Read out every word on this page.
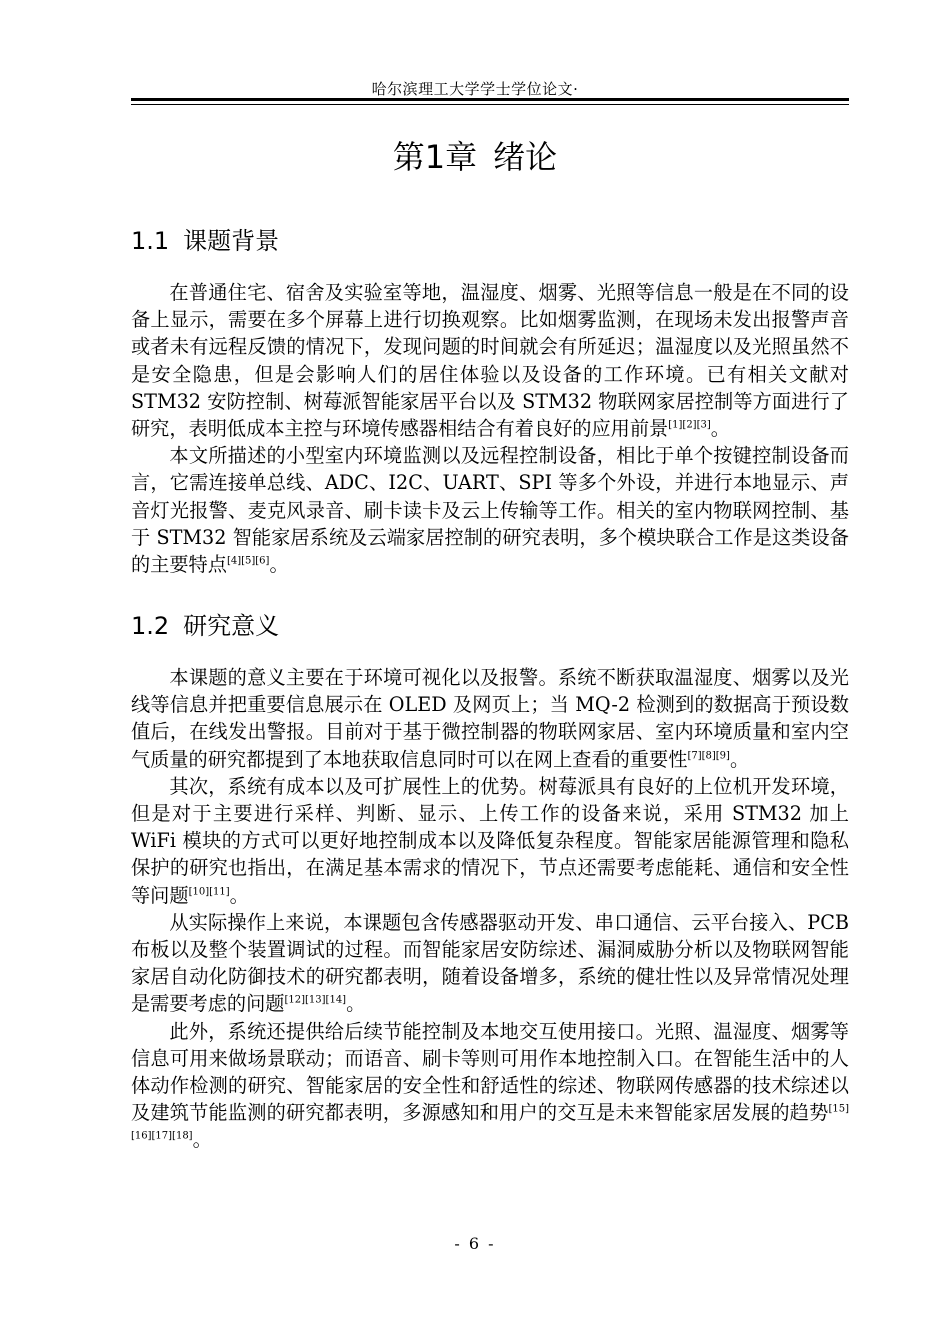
哈尔滨理工大学学士学位论文·
第1章 绪论
1.1 课题背景

在普通住宅、宿舍及实验室等地，温湿度、烟雾、光照等信息一般是在不同的设备上显示，需要在多个屏幕上进行切换观察。比如烟雾监测，在现场未发出报警声音或者未有远程反馈的情况下，发现问题的时间就会有所延迟；温湿度以及光照虽然不是安全隐患，但是会影响人们的居住体验以及设备的工作环境。已有相关文献对 STM32 安防控制、树莓派智能家居平台以及 STM32 物联网家居控制等方面进行了研究，表明低成本主控与环境传感器相结合有着良好的应用前景[1][2][3]。

本文所描述的小型室内环境监测以及远程控制设备，相比于单个按键控制设备而言，它需连接单总线、ADC、I2C、UART、SPI 等多个外设，并进行本地显示、声音灯光报警、麦克风录音、刷卡读卡及云上传输等工作。相关的室内物联网控制、基于 STM32 智能家居系统及云端家居控制的研究表明，多个模块联合工作是这类设备的主要特点[4][5][6]。

1.2 研究意义

本课题的意义主要在于环境可视化以及报警。系统不断获取温湿度、烟雾以及光线等信息并把重要信息展示在 OLED 及网页上；当 MQ-2 检测到的数据高于预设数值后，在线发出警报。目前对于基于微控制器的物联网家居、室内环境质量和室内空气质量的研究都提到了本地获取信息同时可以在网上查看的重要性[7][8][9]。

其次，系统有成本以及可扩展性上的优势。树莓派具有良好的上位机开发环境，但是对于主要进行采样、判断、显示、上传工作的设备来说，采用 STM32 加上 WiFi 模块的方式可以更好地控制成本以及降低复杂程度。智能家居能源管理和隐私保护的研究也指出，在满足基本需求的情况下，节点还需要考虑能耗、通信和安全性等问题[10][11]。

从实际操作上来说，本课题包含传感器驱动开发、串口通信、云平台接入、PCB 布板以及整个装置调试的过程。而智能家居安防综述、漏洞威胁分析以及物联网智能家居自动化防御技术的研究都表明，随着设备增多，系统的健壮性以及异常情况处理是需要考虑的问题[12][13][14]。

此外，系统还提供给后续节能控制及本地交互使用接口。光照、温湿度、烟雾等信息可用来做场景联动；而语音、刷卡等则可用作本地控制入口。在智能生活中的人体动作检测的研究、智能家居的安全性和舒适性的综述、物联网传感器的技术综述以及建筑节能监测的研究都表明，多源感知和用户的交互是未来智能家居发展的趋势[15][16][17][18]。

- 6 -
